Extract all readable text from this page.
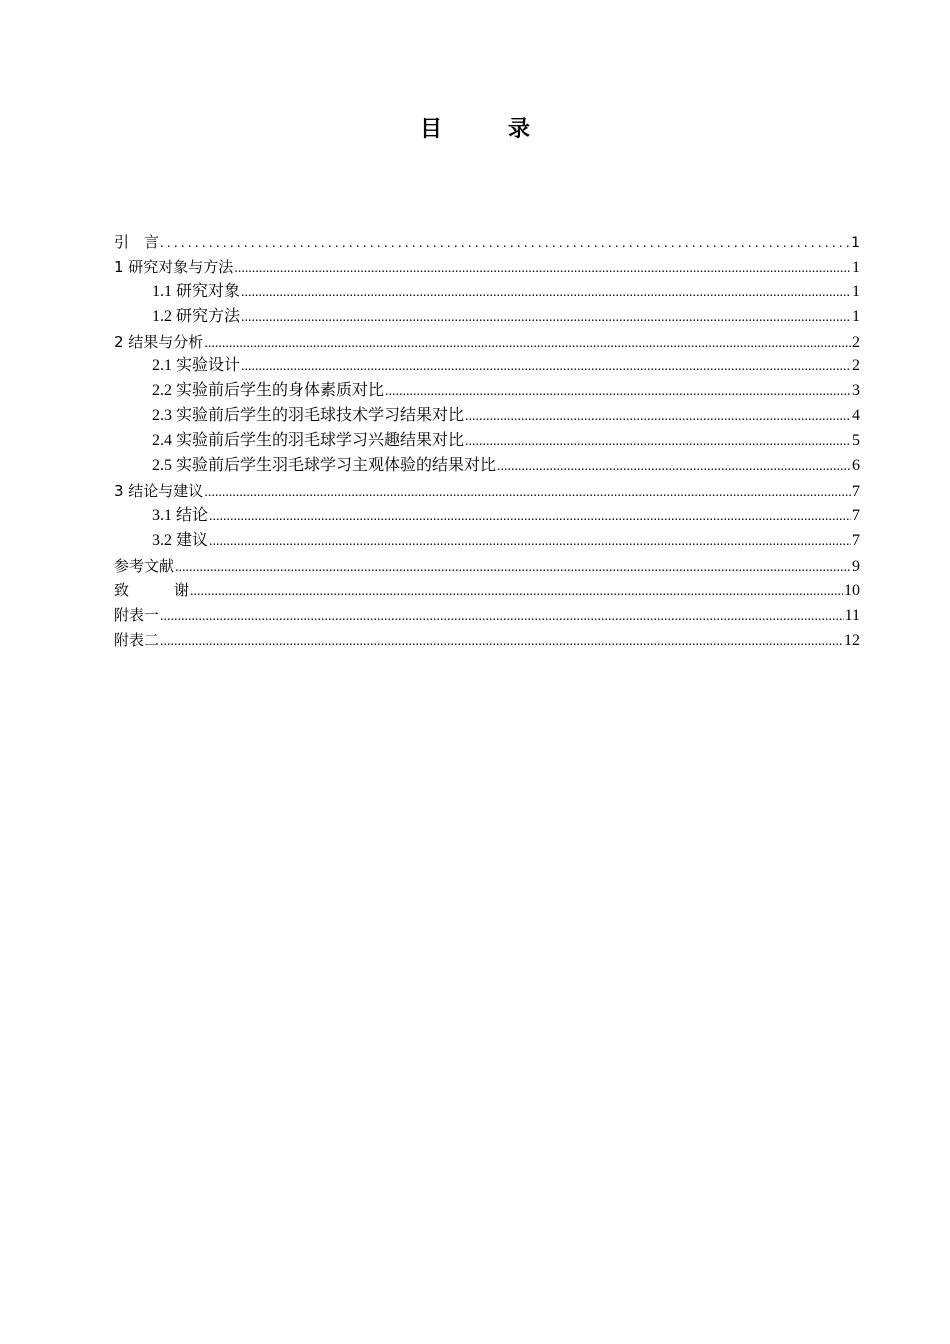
目	录
引　言 . . .	1
1 研究对象与方法 .....	1
1.1 研究对象 .....	1
1.2 研究方法 .....	1
2 结果与分析 .....	2
2.1 实验设计 .....	2
2.2 实验前后学生的身体素质对比 .....	3
2.3 实验前后学生的羽毛球技术学习结果对比 .....	4
2.4 实验前后学生的羽毛球学习兴趣结果对比 .....	5
2.5 实验前后学生羽毛球学习主观体验的结果对比 .....	6
3 结论与建议 .....	7
3.1 结论 .....	7
3.2 建议 .....	7
参考文献 .....	9
致　　　谢 .....	10
附表一 .....	11
附表二 .....	12
